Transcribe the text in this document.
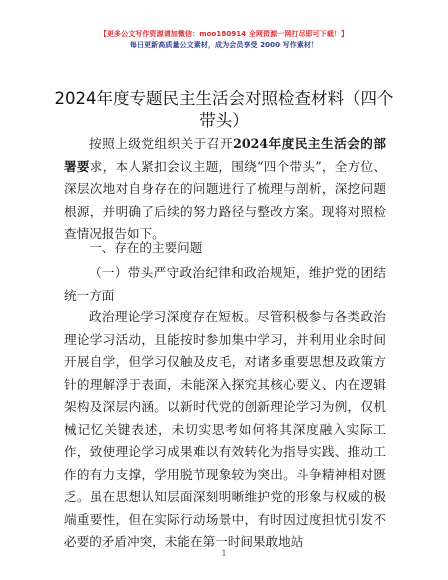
【更多公文写作资源请加微信：moo180914 全网资源一网打尽即可下载！】
每日更新高质量公文素材，成为会员享受 2000 写作素材！
2024年度专题民主生活会对照检查材料（四个带头）
按照上级党组织关于召开2024年度民主生活会的部署要求，本人紧扣会议主题，围绕“四个带头”，全方位、深层次地对自身存在的问题进行了梳理与剖析，深挖问题根源，并明确了后续的努力路径与整改方案。现将对照检查情况报告如下。
一、存在的主要问题
（一）带头严守政治纪律和政治规矩，维护党的团结统一方面
政治理论学习深度存在短板。尽管积极参与各类政治理论学习活动，且能按时参加集中学习，并利用业余时间开展自学，但学习仅触及皮毛，对诸多重要思想及政策方针的理解浮于表面，未能深入探究其核心要义、内在逻辑架构及深层内涵。以新时代党的创新理论学习为例，仅机械记忆关键表述，未切实思考如何将其深度融入实际工作，致使理论学习成果难以有效转化为指导实践、推动工作的有力支撑，学用脱节现象较为突出。斗争精神相对匮乏。虽在思想认知层面深刻明晰维护党的形象与权威的极端重要性，但在实际行动场景中，有时因过度担忧引发不必要的矛盾冲突，未能在第一时间果敢地站
1
